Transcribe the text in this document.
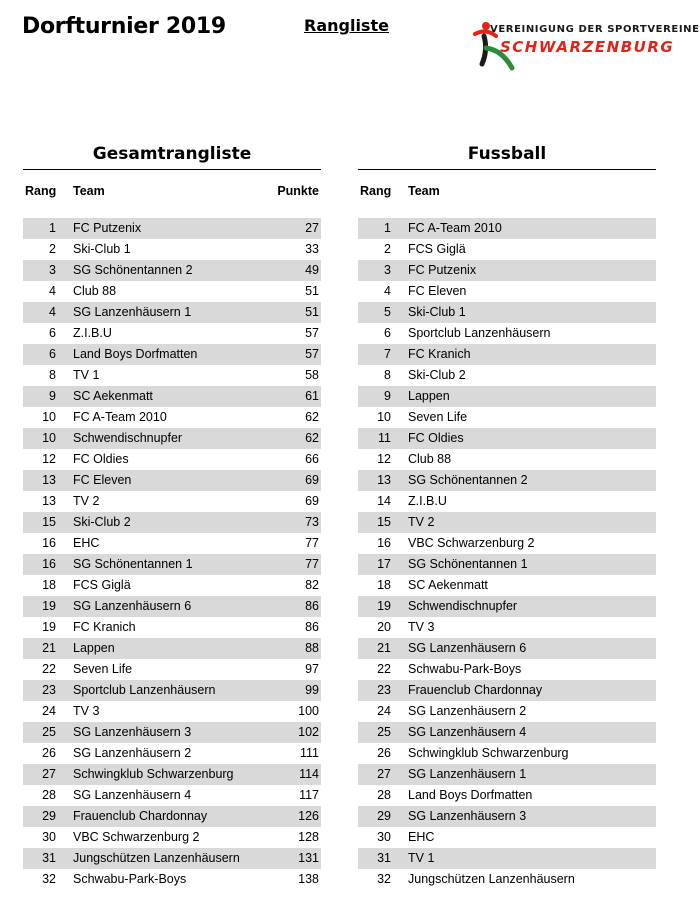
Dorfturnier 2019	Rangliste	VEREINIGUNG DER SPORTVEREINE
SCHWARZENBURG
Gesamtrangliste
Rang Team	Punkte
1 FC Putzenix	27
2 Ski-Club 1	33
3 SG Schönentannen 2	49
4 Club 88	51
4 SG Lanzenhäusern 1	51
6 Z.I.B.U	57
6 Land Boys Dorfmatten	57
8 TV 1	58
9 SC Aekenmatt	61
10 FC A-Team 2010	62
10 Schwendischnupfer	62
12 FC Oldies	66
13 FC Eleven	69
13 TV 2	69
15 Ski-Club 2	73
16 EHC	77
16 SG Schönentannen 1	77
18 FCS Giglä	82
19 SG Lanzenhäusern 6	86
19 FC Kranich	86
21 Lappen	88
22 Seven Life	97
23 Sportclub Lanzenhäusern	99
24 TV 3	100
25 SG Lanzenhäusern 3	102
26 SG Lanzenhäusern 2	111
27 Schwingklub Schwarzenburg	114
28 SG Lanzenhäusern 4	117
29 Frauenclub Chardonnay	126
30 VBC Schwarzenburg 2	128
31 Jungschützen Lanzenhäusern	131
32 Schwabu-Park-Boys	138
Fussball
Rang Team
1 FC A-Team 2010
2 FCS Giglä
3 FC Putzenix
4 FC Eleven
5 Ski-Club 1
6 Sportclub Lanzenhäusern
7 FC Kranich
8 Ski-Club 2
9 Lappen
10 Seven Life
11 FC Oldies
12 Club 88
13 SG Schönentannen 2
14 Z.I.B.U
15 TV 2
16 VBC Schwarzenburg 2
17 SG Schönentannen 1
18 SC Aekenmatt
19 Schwendischnupfer
20 TV 3
21 SG Lanzenhäusern 6
22 Schwabu-Park-Boys
23 Frauenclub Chardonnay
24 SG Lanzenhäusern 2
25 SG Lanzenhäusern 4
26 Schwingklub Schwarzenburg
27 SG Lanzenhäusern 1
28 Land Boys Dorfmatten
29 SG Lanzenhäusern 3
30 EHC
31 TV 1
32 Jungschützen Lanzenhäusern
